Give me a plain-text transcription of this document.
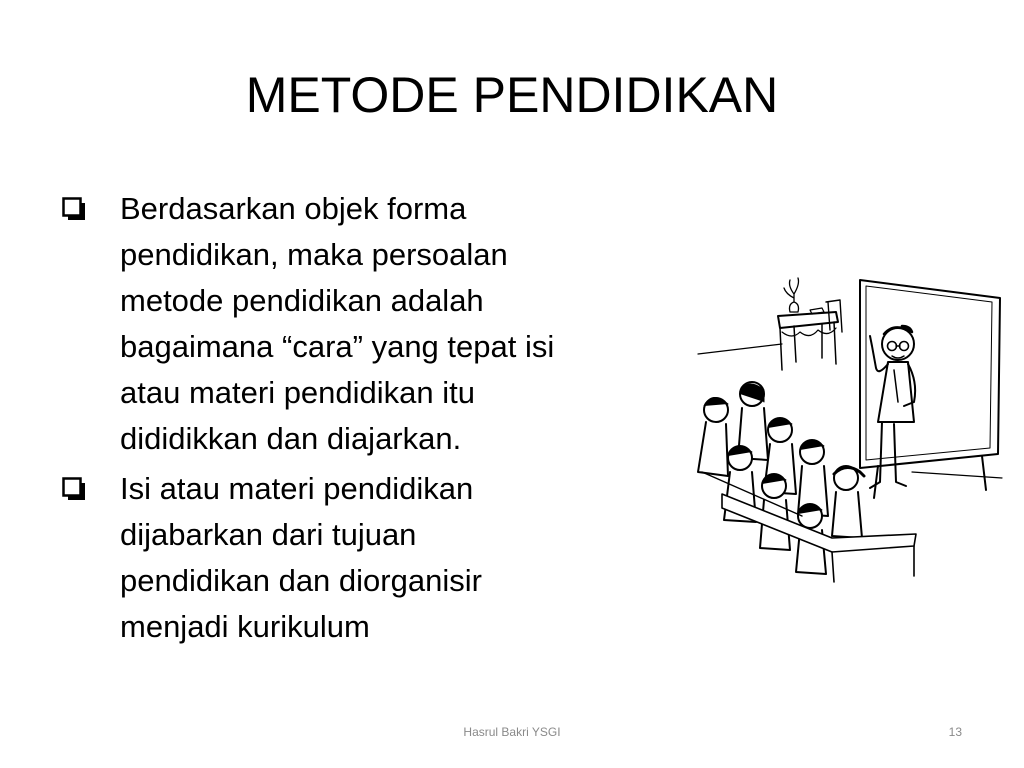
METODE PENDIDIKAN
Berdasarkan objek forma
pendidikan, maka persoalan
metode pendidikan adalah
bagaimana “cara” yang tepat isi
atau materi pendidikan itu
dididikkan dan diajarkan.
Isi atau materi pendidikan
dijabarkan dari tujuan
pendidikan dan diorganisir
menjadi kurikulum
Hasrul Bakri YSGI	13
